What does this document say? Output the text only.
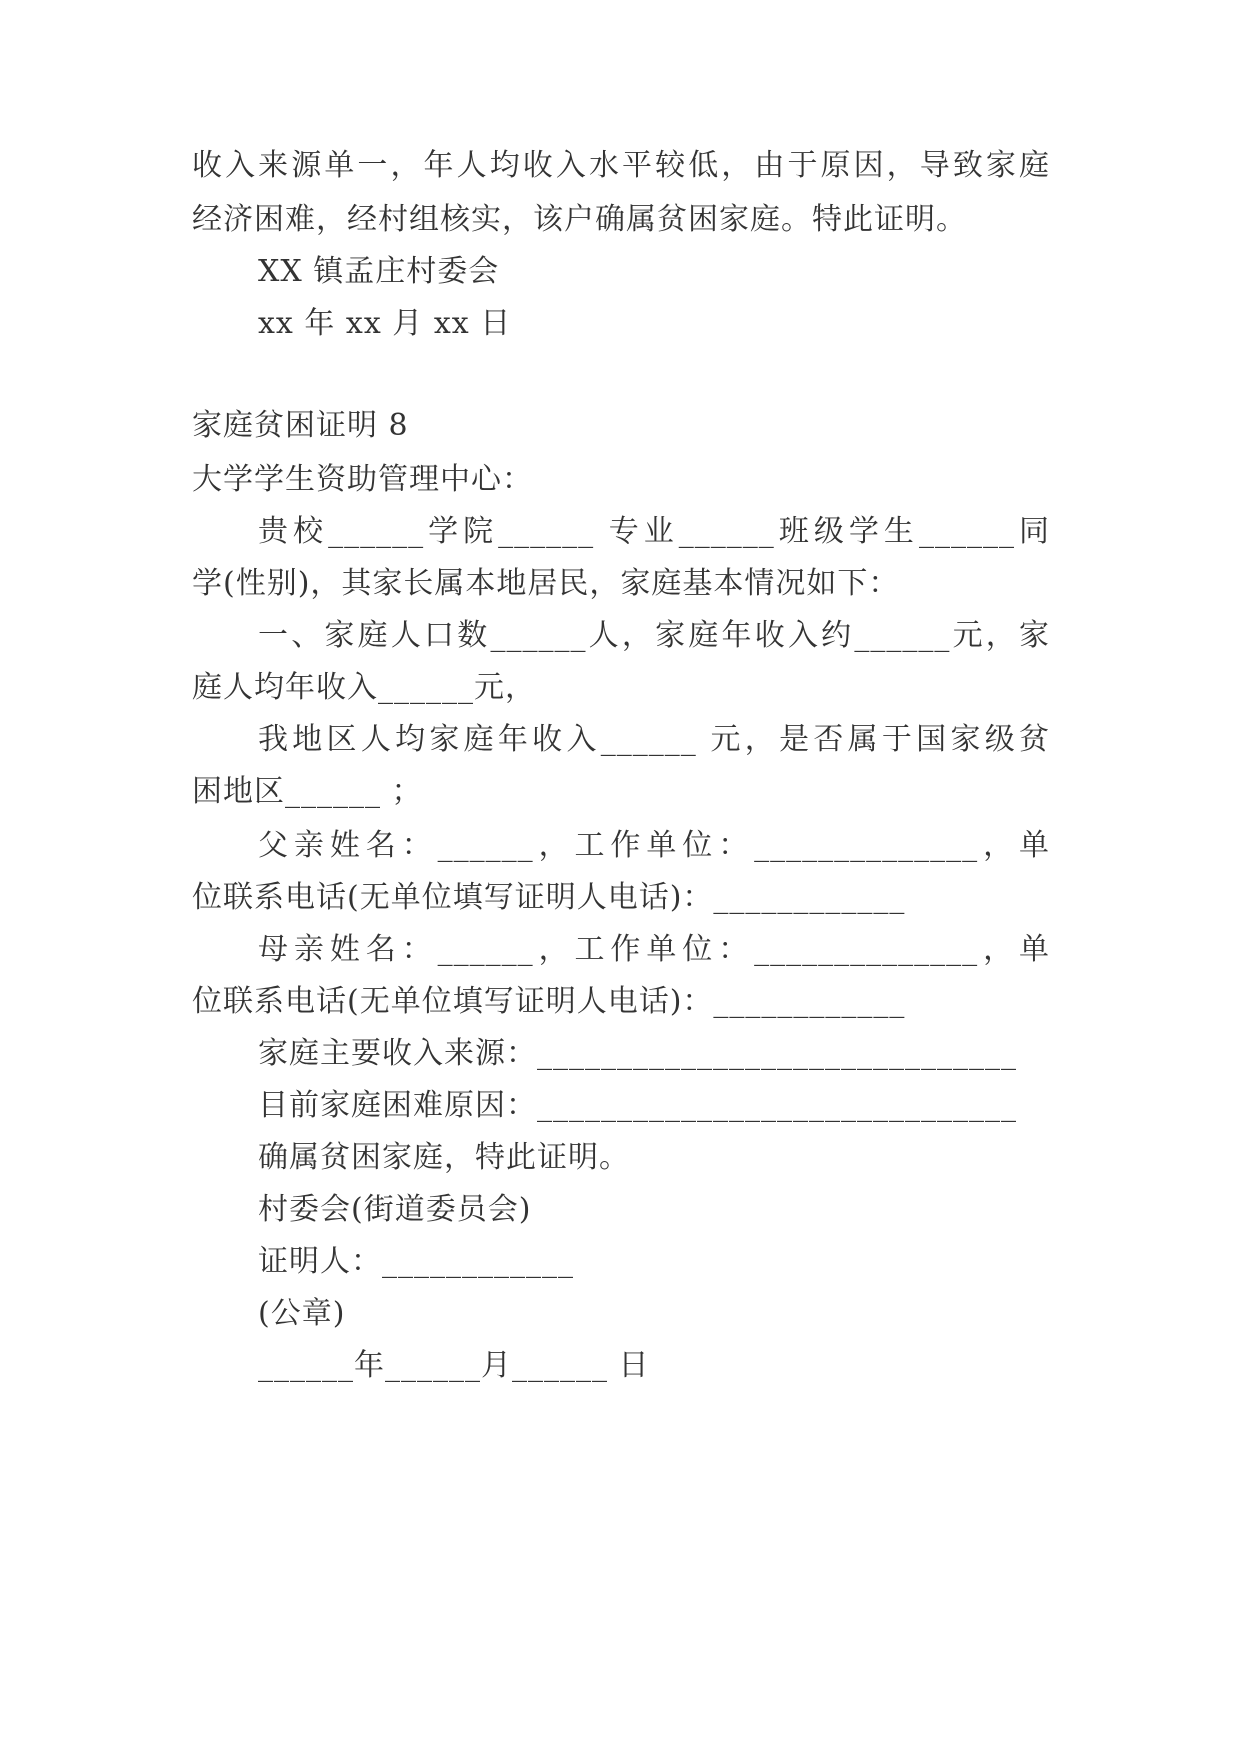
收入来源单一，年人均收入水平较低，由于原因，导致家庭
经济困难，经村组核实，该户确属贫困家庭。特此证明。
XX 镇孟庄村委会
xx 年 xx 月 xx 日
家庭贫困证明 8
大学学生资助管理中心：
贵校______学院______ 专业______班级学生______同
学(性别)，其家长属本地居民，家庭基本情况如下：
一、家庭人口数______人，家庭年收入约______元，家
庭人均年收入______元，
我地区人均家庭年收入______ 元，是否属于国家级贫
困地区______ ；
父亲姓名：______，工作单位：______________，单
位联系电话(无单位填写证明人电话)：____________
母亲姓名：______，工作单位：______________，单
位联系电话(无单位填写证明人电话)：____________
家庭主要收入来源：______________________________
目前家庭困难原因：______________________________
确属贫困家庭，特此证明。
村委会(街道委员会)
证明人：____________
(公章)
______年______月______ 日
